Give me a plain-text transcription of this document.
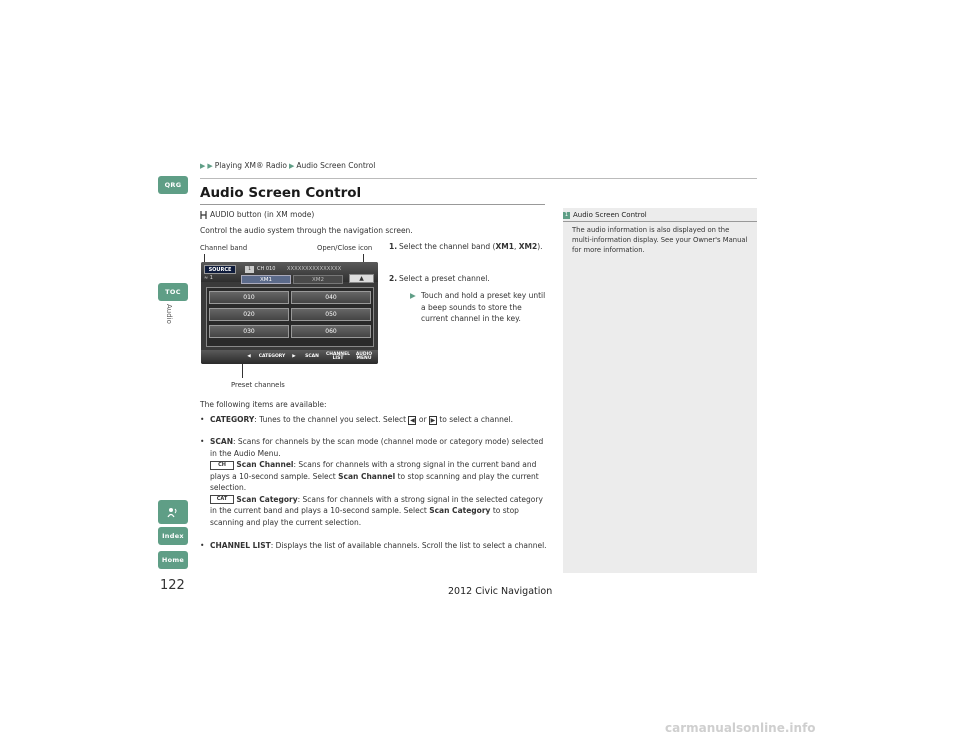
QRG
TOC
Audio
Index
Home
122
▶ ▶ Playing XM® Radio ▶ Audio Screen Control
Audio Screen Control
AUDIO button (in XM mode)
Control the audio system through the navigation screen.
1. Select the channel band (XM1, XM2).
2. Select a preset channel.
▶ Touch and hold a preset key until a beep sounds to store the current channel in the key.
Channel band	Open/Close icon
Preset channels
SOURCE
≈ 1
1	CH 010 XXXXXXXXXXXXXXX
XM1	XM2	▲
010	040
020	050
030	060
◀	CATEGORY	▶	SCAN	CHANNEL LIST
AUDIO MENU
The following items are available:
• CATEGORY: Tunes to the channel you select. Select ◀ or ▶ to select a channel.
• SCAN: Scans for channels by the scan mode (channel mode or category mode) selected in the Audio Menu.
CH Scan Channel: Scans for channels with a strong signal in the current band and plays a 10-second sample. Select Scan Channel to stop scanning and play the current selection.
CAT Scan Category: Scans for channels with a strong signal in the selected category in the current band and plays a 10-second sample. Select Scan Category to stop scanning and play the current selection.
• CHANNEL LIST: Displays the list of available channels. Scroll the list to select a channel.
1 Audio Screen Control
The audio information is also displayed on the multi-information display. See your Owner's Manual for more information.
2012 Civic Navigation
carmanualsonline.info
